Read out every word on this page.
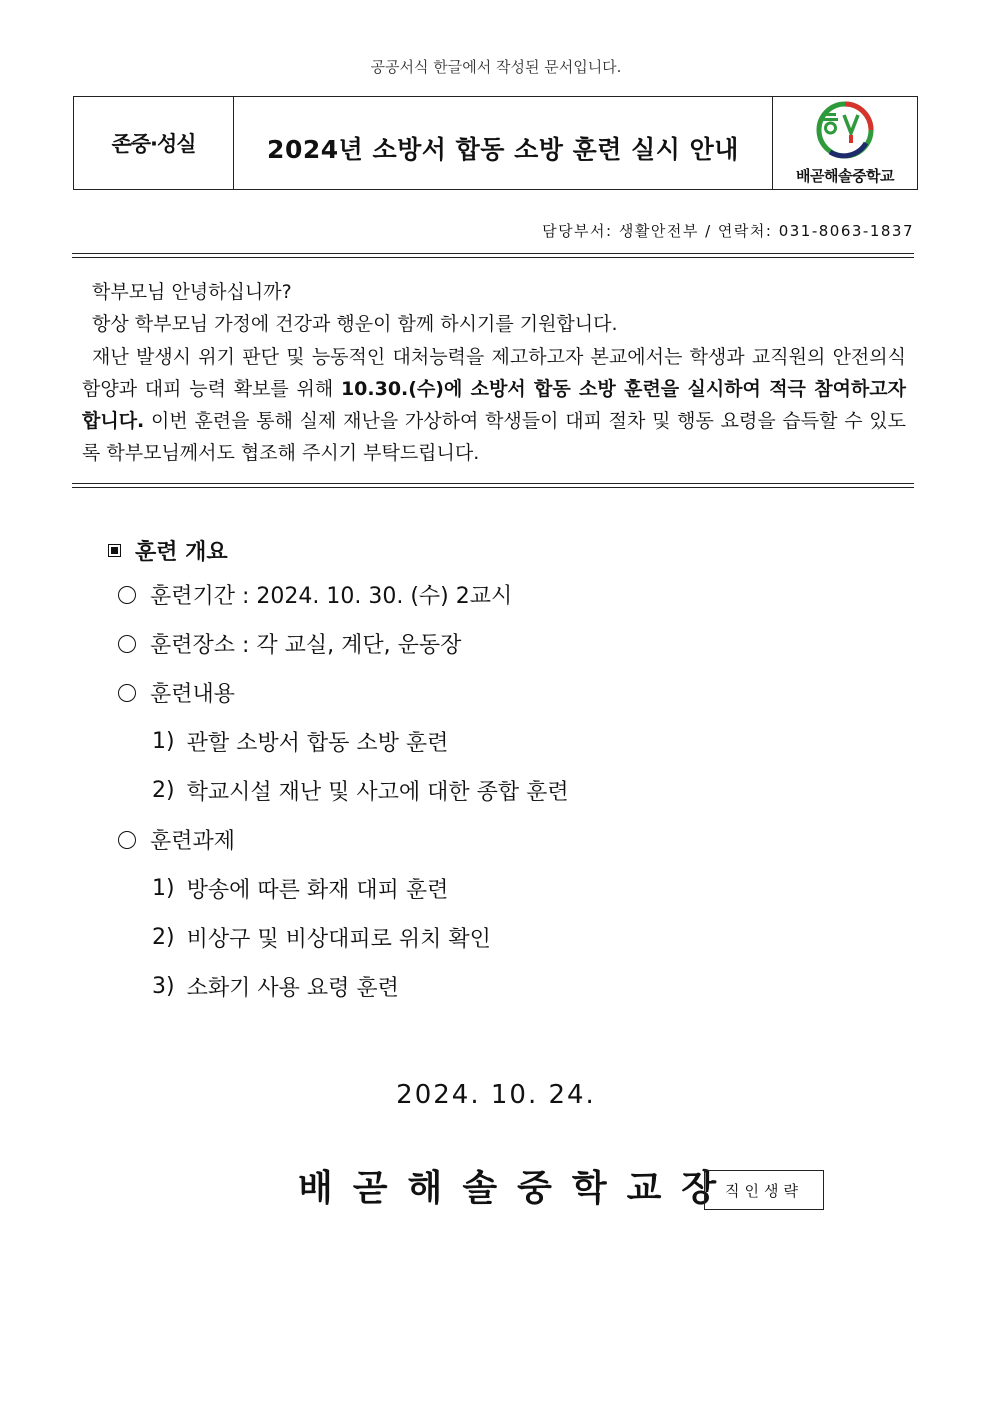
공공서식 한글에서 작성된 문서입니다.
존중·성실	2024년 소방서 합동 소방 훈련 실시 안내
배곧해솔중학교
담당부서: 생활안전부 / 연락처: 031-8063-1837

학부모님 안녕하십니까?

항상 학부모님 가정에 건강과 행운이 함께 하시기를 기원합니다.

재난 발생시 위기 판단 및 능동적인 대처능력을 제고하고자 본교에서는 학생과 교직원의 안전의식 함양과 대피 능력 확보를 위해 10.30.(수)에 소방서 합동 소방 훈련을 실시하여 적극 참여하고자 합니다. 이번 훈련을 통해 실제 재난을 가상하여 학생들이 대피 절차 및 행동 요령을 습득할 수 있도록 학부모님께서도 협조해 주시기 부탁드립니다.

훈련 개요
훈련기간 : 2024. 10. 30. (수) 2교시
훈련장소 : 각 교실, 계단, 운동장
훈련내용
1) 관할 소방서 합동 소방 훈련
2) 학교시설 재난 및 사고에 대한 종합 훈련
훈련과제
1) 방송에 따른 화재 대피 훈련
2) 비상구 및 비상대피로 위치 확인
3) 소화기 사용 요령 훈련
2024. 10. 24.
배곧해솔중학교장
직인생략
